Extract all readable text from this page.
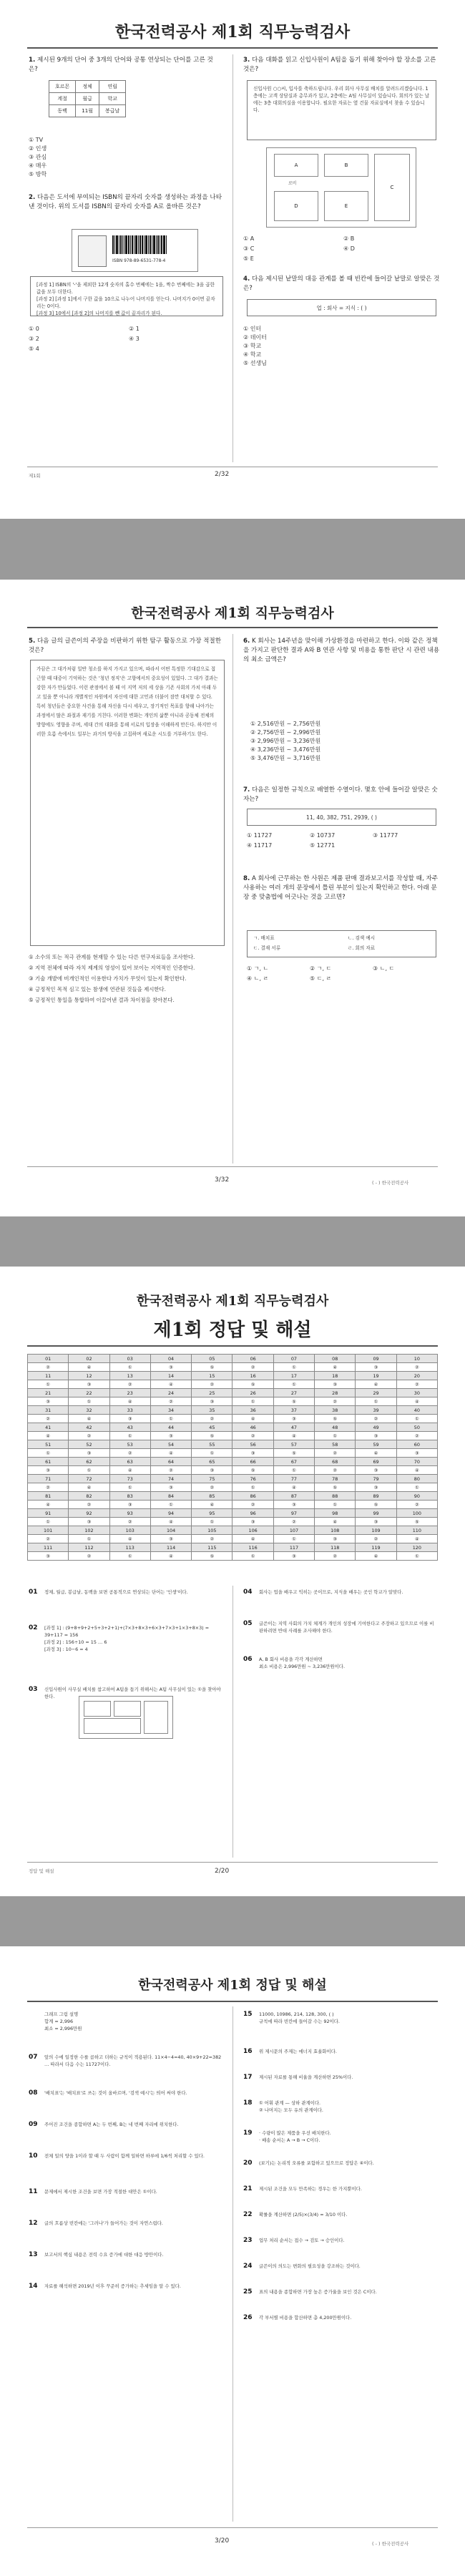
한국전력공사 제1회 직무능력검사
1. 제시된 9개의 단어 중 3개의 단어와 공통 연상되는 단어를 고른 것은?
호르몬	정체	연립
계절	월급	학교
동백	11월	봉급날
① TV
② 인생
③ 관심
④ 매우
⑤ 방학
2. 다음은 도서에 부여되는 ISBN의 끝자리 숫자를 생성하는 과정을 나타낸 것이다. 위의 도서를 ISBN의 끝자리 숫자를 A로 올바른 것은?
ISBN 978-89-6531-778-4
[과정 1] ISBN의 '-'을 제외한 12개 숫자의 홀수 번째에는 1을, 짝수 번째에는 3을 곱한 값을 모두 더한다.
[과정 2] [과정 1]에서 구한 값을 10으로 나누어 나머지를 얻는다. 나머지가 0이면 끝자리는 0이다.
[과정 3] 10에서 [과정 2]의 나머지를 뺀 값이 끝자리가 된다.
① 0	② 1
③ 2	④ 3
⑤ 4
3. 다음 대화를 읽고 신입사원이 A팀을 돕기 위해 찾아야 할 장소를 고른 것은?
신입사원 ○○씨, 입사를 축하드립니다. 우리 회사 사무실 배치를 알려드리겠습니다. 1층에는 고객 상담실과 총무과가 있고, 2층에는 A팀 사무실이 있습니다. 회의가 있는 날에는 3층 대회의실을 이용합니다. 필요한 자료는 옆 건물 자료실에서 찾을 수 있습니다.
A	B
C
D	E
로비
① A	② B
③ C	④ D
⑤ E
4. 다음 제시된 낱말의 대응 관계를 볼 때 빈칸에 들어갈 낱말로 알맞은 것은?
업 : 회사 = 지식 : ( )
① 인터
② 데이터
③ 학교
④ 학교
⑤ 선생님
제1회	2/32
한국전력공사 제1회 직무능력검사
5. 다음 글의 글쓴이의 주장을 비판하기 위한 탐구 활동으로 가장 적절한 것은?
가끔은 그 대가처럼 일반 청소를 하지 가지고 있으며, 따라서 어떤 특정한 기대감으로 접근할 때 대중이 기억하는 것은 '청년 정직'은 고향에서의 중요성이 있었다. 그 대가 결과는 강한 자가 만들었다. 이런 관점에서 볼 때 이 지역 저의 세 상을 기존 사회의 가치 아래 두고 있을 뿐 아니라 개별적인 차원에서 자신에 대한 고민과 더불어 잠깐 대처할 수 있다. 특히 청년들은 중요한 사건을 통해 자신을 다시 세우고, 장기적인 목표를 향해 나아가는 과정에서 많은 좌절과 재기를 거친다. 이러한 변화는 개인의 삶뿐 아니라 공동체 전체의 방향에도 영향을 주며, 세대 간의 대화를 통해 서로의 입장을 이해하게 만든다. 하지만 이러한 흐름 속에서도 일부는 과거의 방식을 고집하며 새로운 시도를 거부하기도 한다.
① 소수의 또는 적극 관계를 현재할 수 있는 다른 연구자료들을 조사한다.
② 지역 전체에 따라 자치 제계의 영성이 있어 보이는 지역적인 인증한다.
③ 기술 개발에 비개인적인 이용한다 가치가 무엇이 있는지 확인한다.
④ 긍정적인 목적 심고 있는 참생에 연관된 것들을 제시한다.
⑤ 긍정적인 통일을 통합하여 이끌어낸 결과 차이점을 찾아본다.
6. K 회사는 14주년을 맞이해 가상환경을 마련하고 한다. 이와 같은 정책을 가지고 판단한 결과 A와 B 연관 사항 및 비용을 통한 판단 시 관련 내용의 최소 금액은?
① 2,516만원 ~ 2,756만원
② 2,756만원 ~ 2,996만원
③ 2,996만원 ~ 3,236만원
④ 3,236만원 ~ 3,476만원
⑤ 3,476만원 ~ 3,716만원
7. 다음은 일정한 규칙으로 배열한 수열이다. 몇호 안에 들어갈 알맞은 숫자는?
11, 40, 382, 751, 2939, ( )
① 11727	② 10737	③ 11777
④ 11717	⑤ 12771
8. A 회사에 근무하는 한 사원은 제품 판매 결과보고서를 작성할 때, 자주 사용하는 여러 개의 문장에서 틀린 부분이 있는지 확인하고 한다. 아래 문장 중 맞춤법에 어긋나는 것을 고르면?
ㄱ. 배치표	ㄴ. 검색 예시
ㄷ. 결재 서류	ㄹ. 회의 자료
① ㄱ, ㄴ	② ㄱ, ㄷ	③ ㄴ, ㄷ
④ ㄴ, ㄹ	⑤ ㄷ, ㄹ
3/32	( - ) 한국전력공사
한국전력공사 제1회 직무능력검사
제1회 정답 및 해설
01	02	03	04	05	06	07	08	09	10
②	④	①	③	⑤	②	①	④	③	②
11	12	13	14	15	16	17	18	19	20
①	③	②	④	②	⑤	①	③	④	②
21	22	23	24	25	26	27	28	29	30
③	①	④	②	③	①	⑤	②	①	④
31	32	33	34	35	36	37	38	39	40
②	④	③	①	②	④	③	⑤	②	①
41	42	43	44	45	46	47	48	49	50
④	②	①	③	⑤	②	④	①	③	②
51	52	53	54	55	56	57	58	59	60
①	③	②	④	①	③	⑤	②	④	③
61	62	63	64	65	66	67	68	69	70
③	①	④	②	③	⑤	①	②	③	④
71	72	73	74	75	76	77	78	79	80
②	④	①	③	②	①	④	⑤	③	①
81	82	83	84	85	86	87	88	89	90
④	②	③	①	④	②	③	①	⑤	②
91	92	93	94	95	96	97	98	99	100
①	③	②	④	①	③	②	④	③	⑤
101	102	103	104	105	106	107	108	109	110
②	①	④	③	②	④	①	③	②	④
111	112	113	114	115	116	117	118	119	120
③	②	①	④	⑤	①	③	②	④	①
01 정체, 월급, 봉급날, 동백을 보면 공통적으로 연상되는 단어는 '인생'이다.
02 [과정 1] : (9+8+9+2+5+3+2+1)+(7×3+8×3+6×3+7×3+1×3+8×3) = 39+117 = 156
[과정 2] : 156÷10 = 15 … 6
[과정 3] : 10−6 = 4
03 신입사원이 사무실 배치를 참고하여 A팀을 돕기 위해서는 A팀 사무실이 있는 ①을 찾아야 한다.
04 회사는 업을 배우고 익히는 곳이므로, 지식을 배우는 곳인 학교가 알맞다.
05 글쓴이는 지역 사회의 가치 체계가 개인의 성장에 기여한다고 주장하고 있으므로 이를 비판하려면 반대 사례를 조사해야 한다.
06 A, B 회사 비용을 각각 계산하면
최소 비용은 2,996만원 ~ 3,236만원이다.
정답 및 해설	2/20
한국전력공사 제1회 정답 및 해설
그래프 그림 설명
합계 = 2,996
최소 = 2,996만원
07 앞의 수에 일정한 수를 곱하고 더하는 규칙이 적용된다. 11×4−4=40, 40×9+22=382 … 따라서 다음 수는 11727이다.
08 '배치표'는 '배치표'로 쓰는 것이 올바르며, '검색 예시'는 띄어 써야 한다.
09 주어진 조건을 종합하면 A는 두 번째, B는 네 번째 자리에 위치한다.
10 전체 일의 양을 1이라 할 때 두 사람이 함께 일하면 하루에 1/6씩 처리할 수 있다.
11 문제에서 제시한 조건을 보면 가장 적절한 대안은 ①이다.
12 글의 흐름상 빈칸에는 '그러나'가 들어가는 것이 자연스럽다.
13 보고서의 핵심 내용은 전력 수요 증가에 대한 대응 방안이다.
14 자료를 해석하면 2019년 이후 꾸준히 증가하는 추세임을 알 수 있다.
15 11000, 10986, 214, 128, 300, ( )
규칙에 따라 빈칸에 들어갈 수는 92이다.
16 위 제시문의 주제는 에너지 효율화이다.
17 제시된 자료를 통해 비율을 계산하면 25%이다.
18 ① 어휘 관계 — 상하 관계이다.
② 나머지는 모두 유의 관계이다.
19 · 수량이 많은 제품을 우선 배치한다.
· 배송 순서는 A → B → C이다.
20 (보기)는 논리적 오류를 포함하고 있으므로 정답은 ④이다.
21 제시된 조건을 모두 만족하는 경우는 한 가지뿐이다.
22 확률을 계산하면 (2/5)×(3/4) = 3/10 이다.
23 업무 처리 순서는 접수 → 검토 → 승인이다.
24 글쓴이의 의도는 변화의 필요성을 강조하는 것이다.
25 표의 내용을 종합하면 가장 높은 증가율을 보인 것은 C이다.
26 각 부서별 비용을 합산하면 총 4,200만원이다.
3/20	( - ) 한국전력공사
